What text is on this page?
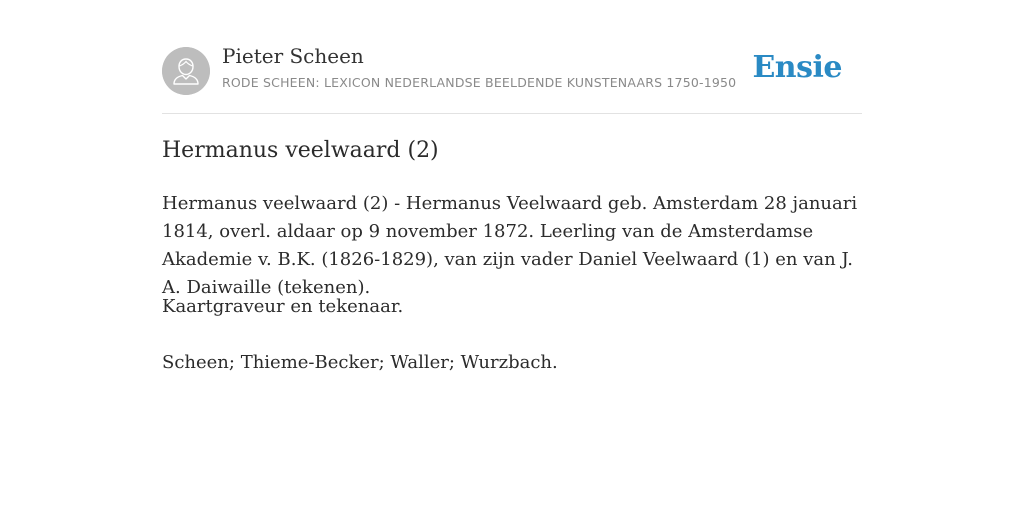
Pieter Scheen
RODE SCHEEN: LEXICON NEDERLANDSE BEELDENDE KUNSTENAARS 1750-1950 Ensie
Hermanus veelwaard (2)

Hermanus veelwaard (2) - Hermanus Veelwaard geb. Amsterdam 28 januari 1814, overl. aldaar op 9 november 1872. Leerling van de Amsterdamse Akademie v. B.K. (1826-1829), van zijn vader Daniel Veelwaard (1) en van J. A. Daiwaille (tekenen).

Kaartgraveur en tekenaar.

Scheen; Thieme-Becker; Waller; Wurzbach.
